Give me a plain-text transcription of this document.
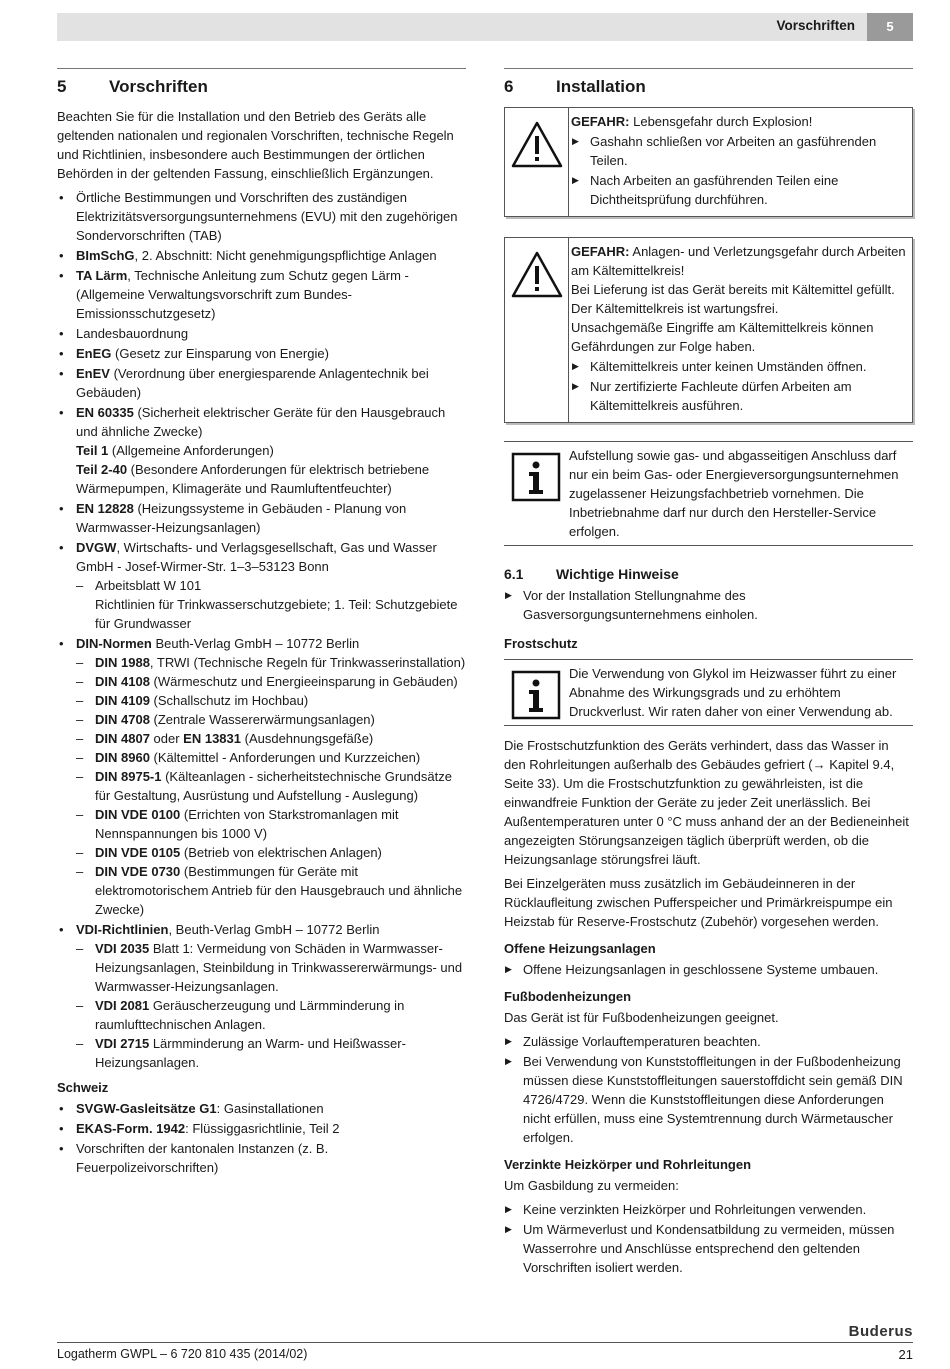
Vorschriften	5
5	Vorschriften

Beachten Sie für die Installation und den Betrieb des Geräts alle geltenden nationalen und regionalen Vorschriften, technische Regeln und Richtlinien, insbesondere auch Bestimmungen der örtlichen Behörden in der geltenden Fassung, einschließlich Ergänzungen.

• Örtliche Bestimmungen und Vorschriften des zuständigen Elektrizitätsversorgungsunternehmens (EVU) mit den zugehörigen Sondervorschriften (TAB)
• BImSchG, 2. Abschnitt: Nicht genehmigungspflichtige Anlagen
• TA Lärm, Technische Anleitung zum Schutz gegen Lärm - (Allgemeine Verwaltungsvorschrift zum Bundes-Emissionsschutzgesetz)
• Landesbauordnung
• EnEG (Gesetz zur Einsparung von Energie)
• EnEV (Verordnung über energiesparende Anlagentechnik bei Gebäuden)
• EN 60335 (Sicherheit elektrischer Geräte für den Hausgebrauch und ähnliche Zwecke)
Teil 1 (Allgemeine Anforderungen)
Teil 2-40 (Besondere Anforderungen für elektrisch betriebene Wärmepumpen, Klimageräte und Raumluftentfeuchter)
• EN 12828 (Heizungssysteme in Gebäuden - Planung von Warmwasser-Heizungsanlagen)
• DVGW, Wirtschafts- und Verlagsgesellschaft, Gas und Wasser GmbH - Josef-Wirmer-Str. 1–3–53123 Bonn
– Arbeitsblatt W 101
Richtlinien für Trinkwasserschutzgebiete; 1. Teil: Schutzgebiete für Grundwasser
• DIN-Normen Beuth-Verlag GmbH – 10772 Berlin
– DIN 1988, TRWI (Technische Regeln für Trinkwasserinstallation)
– DIN 4108 (Wärmeschutz und Energieeinsparung in Gebäuden)
– DIN 4109 (Schallschutz im Hochbau)
– DIN 4708 (Zentrale Wassererwärmungsanlagen)
– DIN 4807 oder EN 13831 (Ausdehnungsgefäße)
– DIN 8960 (Kältemittel - Anforderungen und Kurzzeichen)
– DIN 8975-1 (Kälteanlagen - sicherheitstechnische Grundsätze für Gestaltung, Ausrüstung und Aufstellung - Auslegung)
– DIN VDE 0100 (Errichten von Starkstromanlagen mit Nennspannungen bis 1000 V)
– DIN VDE 0105 (Betrieb von elektrischen Anlagen)
– DIN VDE 0730 (Bestimmungen für Geräte mit elektromotorischem Antrieb für den Hausgebrauch und ähnliche Zwecke)
• VDI-Richtlinien, Beuth-Verlag GmbH – 10772 Berlin
– VDI 2035 Blatt 1: Vermeidung von Schäden in Warmwasser-Heizungsanlagen, Steinbildung in Trinkwassererwärmungs- und Warmwasser-Heizungsanlagen.
– VDI 2081 Geräuscherzeugung und Lärmminderung in raumlufttechnischen Anlagen.
– VDI 2715 Lärmminderung an Warm- und Heißwasser-Heizungsanlagen.
Schweiz
• SVGW-Gasleitsätze G1: Gasinstallationen
• EKAS-Form. 1942: Flüssiggasrichtlinie, Teil 2
• Vorschriften der kantonalen Instanzen (z. B. Feuerpolizeivorschriften)
6	Installation

GEFAHR: Lebensgefahr durch Explosion!

▶ Gashahn schließen vor Arbeiten an gasführenden Teilen.
▶ Nach Arbeiten an gasführenden Teilen eine Dichtheitsprüfung durchführen.

GEFAHR: Anlagen- und Verletzungsgefahr durch Arbeiten am Kältemittelkreis!

Bei Lieferung ist das Gerät bereits mit Kältemittel gefüllt. Der Kältemittelkreis ist wartungsfrei.

Unsachgemäße Eingriffe am Kältemittelkreis können Gefährdungen zur Folge haben.

▶ Kältemittelkreis unter keinen Umständen öffnen.
▶ Nur zertifizierte Fachleute dürfen Arbeiten am Kältemittelkreis ausführen.

Aufstellung sowie gas- und abgasseitigen Anschluss darf nur ein beim Gas- oder Energieversorgungsunternehmen zugelassener Heizungsfachbetrieb vornehmen. Die Inbetriebnahme darf nur durch den Hersteller-Service erfolgen.

6.1	Wichtige Hinweise
▶ Vor der Installation Stellungnahme des Gasversorgungsunternehmens einholen.
Frostschutz

Die Verwendung von Glykol im Heizwasser führt zu einer Abnahme des Wirkungsgrads und zu erhöhtem Druckverlust. Wir raten daher von einer Verwendung ab.

Die Frostschutzfunktion des Geräts verhindert, dass das Wasser in den Rohrleitungen außerhalb des Gebäudes gefriert (→ Kapitel 9.4, Seite 33). Um die Frostschutzfunktion zu gewährleisten, ist die einwandfreie Funktion der Geräte zu jeder Zeit unerlässlich. Bei Außentemperaturen unter 0 °C muss anhand der an der Bedieneinheit angezeigten Störungsanzeigen täglich überprüft werden, ob die Heizungsanlage störungsfrei läuft.

Bei Einzelgeräten muss zusätzlich im Gebäudeinneren in der Rücklaufleitung zwischen Pufferspeicher und Primärkreispumpe ein Heizstab für Reserve-Frostschutz (Zubehör) vorgesehen werden.

Offene Heizungsanlagen
▶ Offene Heizungsanlagen in geschlossene Systeme umbauen.
Fußbodenheizungen

Das Gerät ist für Fußbodenheizungen geeignet.

▶ Zulässige Vorlauftemperaturen beachten.
▶ Bei Verwendung von Kunststoffleitungen in der Fußbodenheizung müssen diese Kunststoffleitungen sauerstoffdicht sein gemäß DIN 4726/4729. Wenn die Kunststoffleitungen diese Anforderungen nicht erfüllen, muss eine Systemtrennung durch Wärmetauscher erfolgen.
Verzinkte Heizkörper und Rohrleitungen

Um Gasbildung zu vermeiden:

▶ Keine verzinkten Heizkörper und Rohrleitungen verwenden.
▶ Um Wärmeverlust und Kondensatbildung zu vermeiden, müssen Wasserrohre und Anschlüsse entsprechend den geltenden Vorschriften isoliert werden.
Buderus
Logatherm GWPL – 6 720 810 435 (2014/02)	21
